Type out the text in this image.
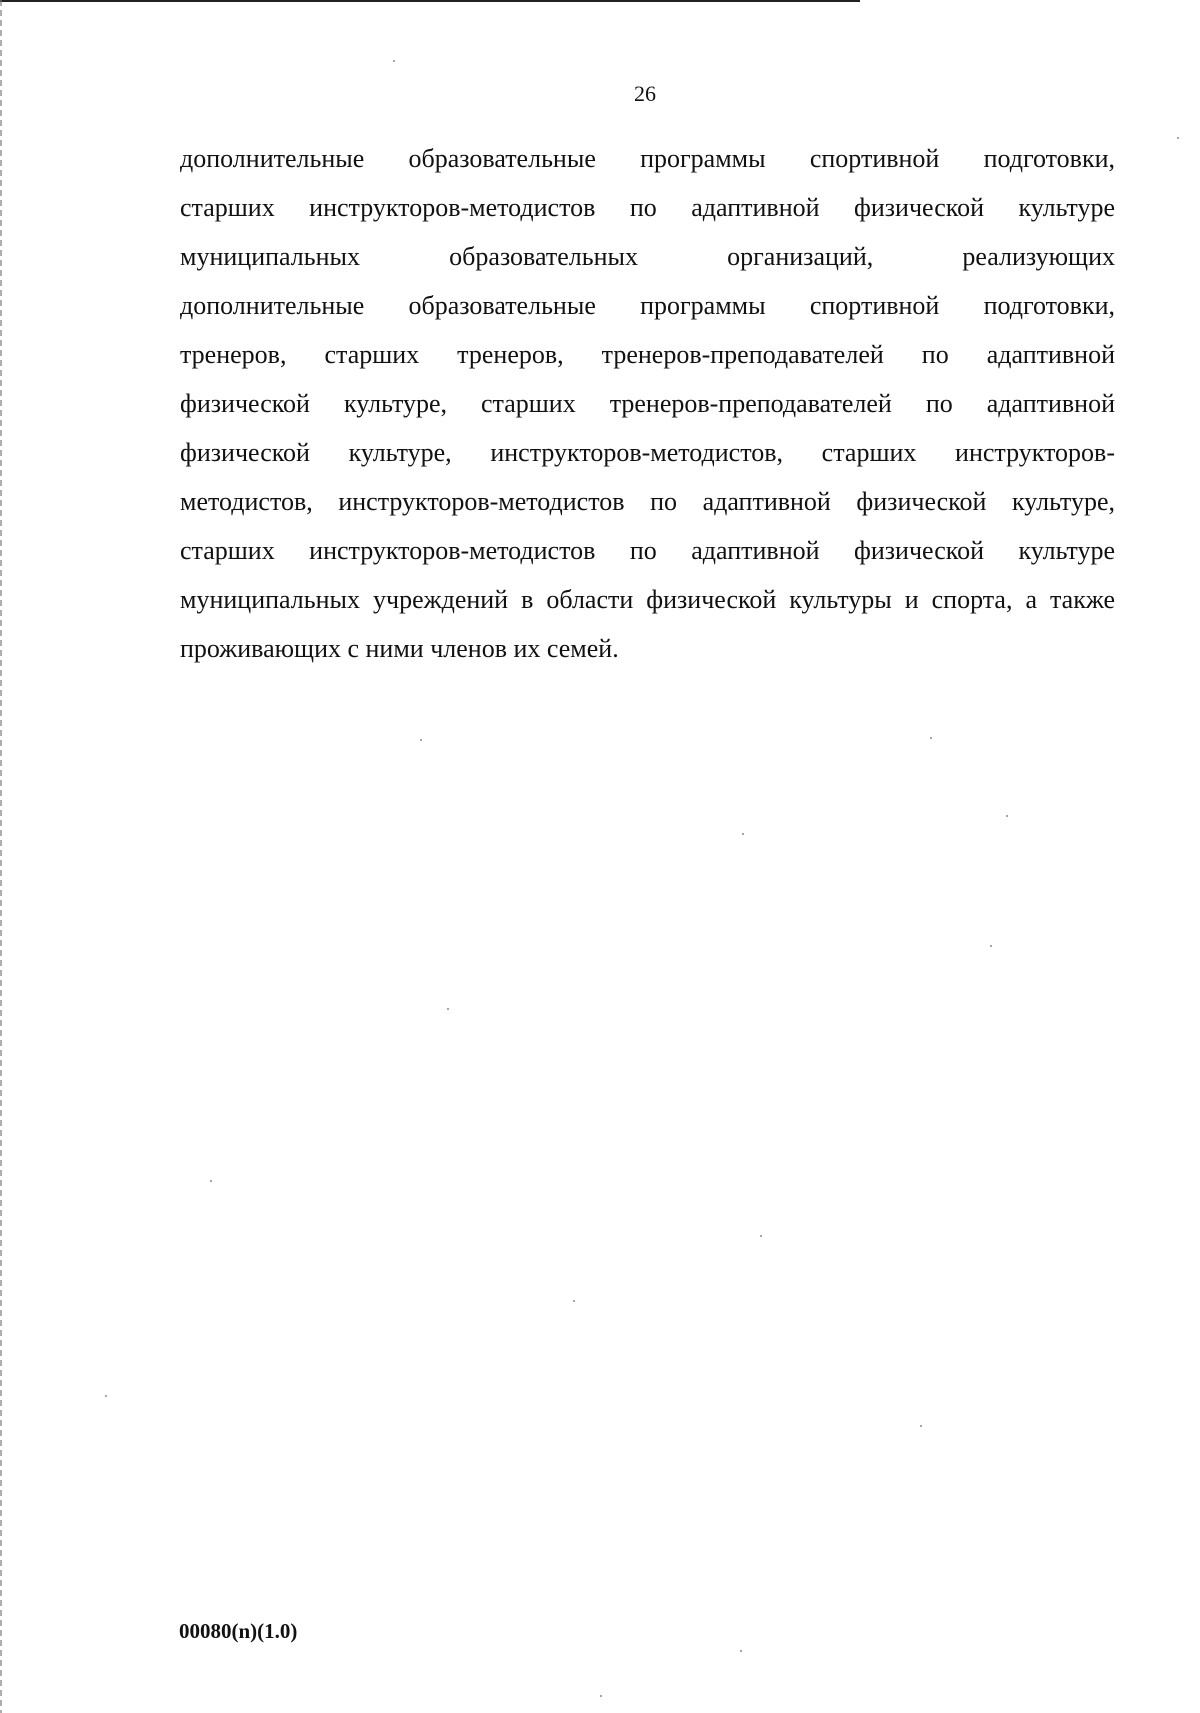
26
дополнительные образовательные программы спортивной подготовки,
старших инструкторов-методистов по адаптивной физической культуре
муниципальных образовательных организаций, реализующих
дополнительные образовательные программы спортивной подготовки,
тренеров, старших тренеров, тренеров-преподавателей по адаптивной
физической культуре, старших тренеров-преподавателей по адаптивной
физической культуре, инструкторов-методистов, старших инструкторов-
методистов, инструкторов-методистов по адаптивной физической культуре,
старших инструкторов-методистов по адаптивной физической культуре
муниципальных учреждений в области физической культуры и спорта, а также
проживающих с ними членов их семей.
00080(n)(1.0)
